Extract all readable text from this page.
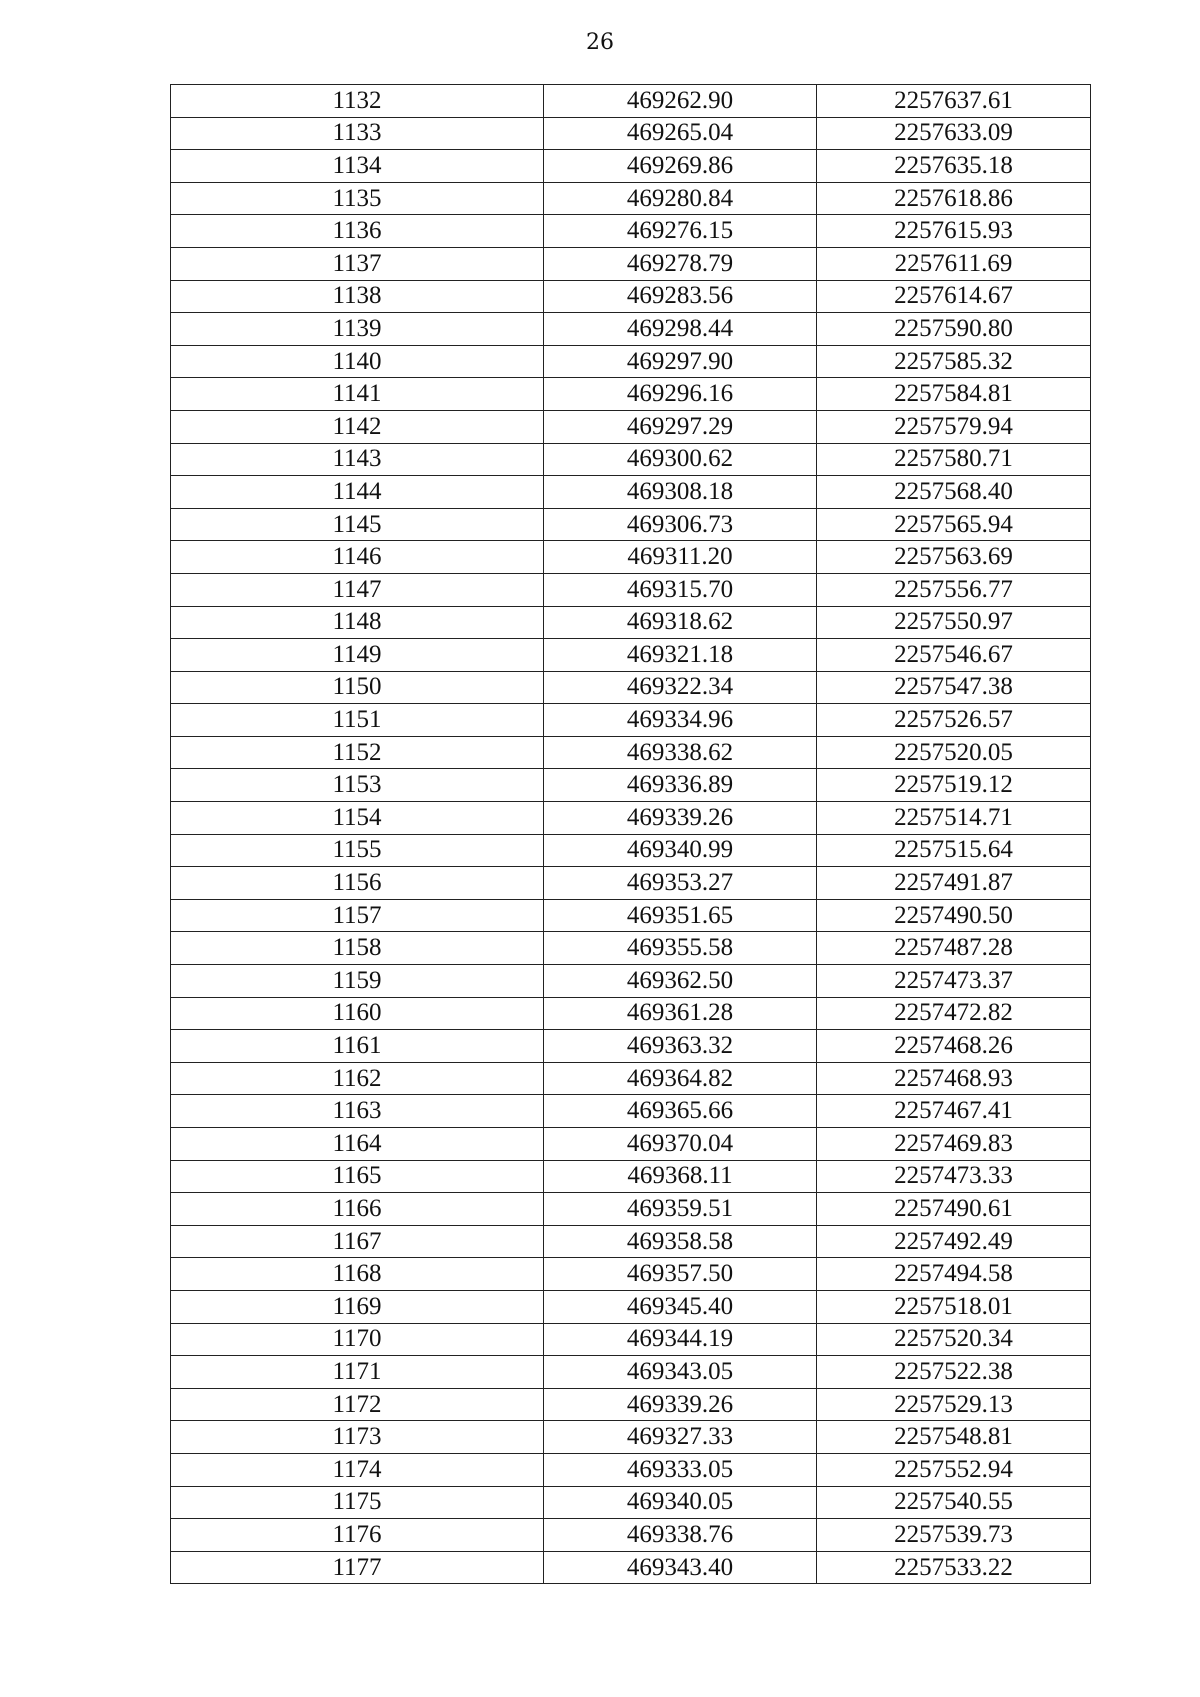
26
1132	469262.90	2257637.61
1133	469265.04	2257633.09
1134	469269.86	2257635.18
1135	469280.84	2257618.86
1136	469276.15	2257615.93
1137	469278.79	2257611.69
1138	469283.56	2257614.67
1139	469298.44	2257590.80
1140	469297.90	2257585.32
1141	469296.16	2257584.81
1142	469297.29	2257579.94
1143	469300.62	2257580.71
1144	469308.18	2257568.40
1145	469306.73	2257565.94
1146	469311.20	2257563.69
1147	469315.70	2257556.77
1148	469318.62	2257550.97
1149	469321.18	2257546.67
1150	469322.34	2257547.38
1151	469334.96	2257526.57
1152	469338.62	2257520.05
1153	469336.89	2257519.12
1154	469339.26	2257514.71
1155	469340.99	2257515.64
1156	469353.27	2257491.87
1157	469351.65	2257490.50
1158	469355.58	2257487.28
1159	469362.50	2257473.37
1160	469361.28	2257472.82
1161	469363.32	2257468.26
1162	469364.82	2257468.93
1163	469365.66	2257467.41
1164	469370.04	2257469.83
1165	469368.11	2257473.33
1166	469359.51	2257490.61
1167	469358.58	2257492.49
1168	469357.50	2257494.58
1169	469345.40	2257518.01
1170	469344.19	2257520.34
1171	469343.05	2257522.38
1172	469339.26	2257529.13
1173	469327.33	2257548.81
1174	469333.05	2257552.94
1175	469340.05	2257540.55
1176	469338.76	2257539.73
1177	469343.40	2257533.22
